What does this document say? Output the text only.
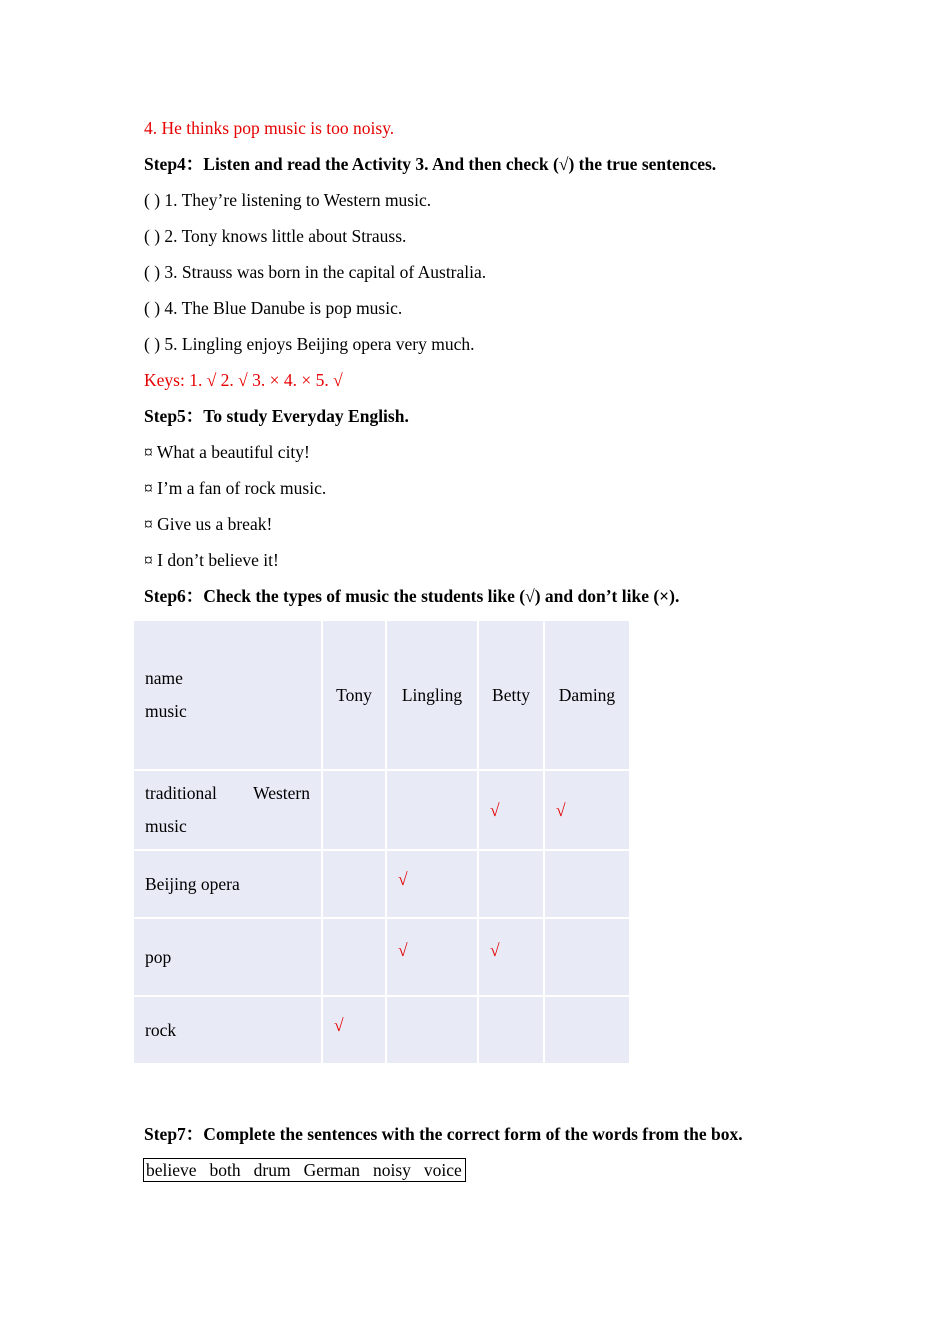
4. He thinks pop music is too noisy.
Step4：Listen and read the Activity 3. And then check (√) the true sentences.
( ) 1. They’re listening to Western music.
( ) 2. Tony knows little about Strauss.
( ) 3. Strauss was born in the capital of Australia.
( ) 4. The Blue Danube is pop music.
( ) 5. Lingling enjoys Beijing opera very much.
Keys: 1. √ 2. √ 3. × 4. × 5. √
Step5：To study Everyday English.
¤ What a beautiful city!
¤ I’m a fan of rock music.
¤ Give us a break!
¤ I don’t believe it!
Step6：Check the types of music the students like (√) and don’t like (×).
name
music	Tony	Lingling	Betty	Daming

traditional Western
music			√	√
Beijing opera		√		
pop		√	√	
rock	√			
Step7：Complete the sentences with the correct form of the words from the box.
believe both drum German noisy voice
